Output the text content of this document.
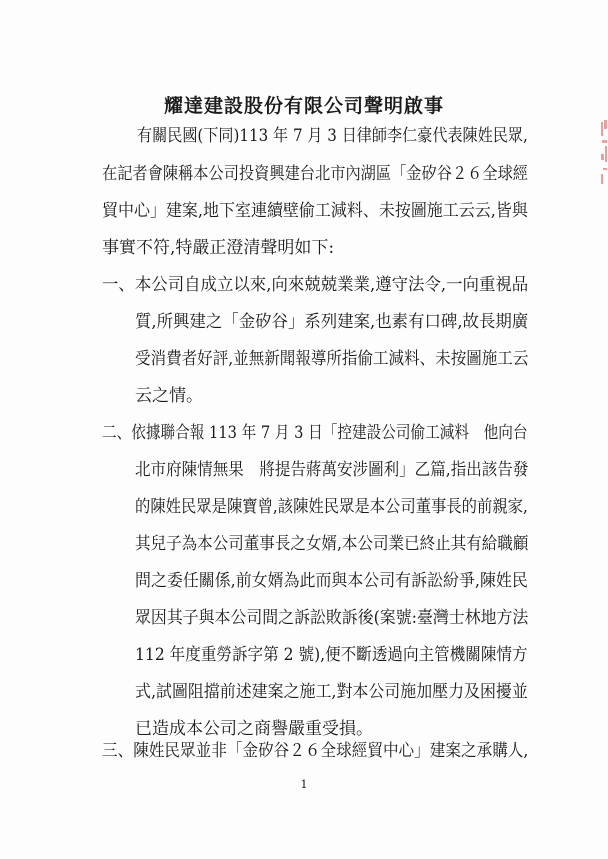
耀達建設股份有限公司聲明啟事
有關民國(下同)113 年 7 月 3 日律師李仁豪代表陳姓民眾,
在記者會陳稱本公司投資興建台北市內湖區「金矽谷２６全球經
貿中心」建案,地下室連續壁偷工減料、未按圖施工云云,皆與
事實不符,特嚴正澄清聲明如下:
一、本公司自成立以來,向來兢兢業業,遵守法令,一向重視品
質,所興建之「金矽谷」系列建案,也素有口碑,故長期廣
受消費者好評,並無新聞報導所指偷工減料、未按圖施工云
云之情。
二、依據聯合報 113 年 7 月 3 日「控建設公司偷工減料　他向台
北市府陳情無果　將提告蔣萬安涉圖利」乙篇,指出該告發
的陳姓民眾是陳寶曾,該陳姓民眾是本公司董事長的前親家,
其兒子為本公司董事長之女婿,本公司業已終止其有給職顧
問之委任關係,前女婿為此而與本公司有訴訟紛爭,陳姓民
眾因其子與本公司間之訴訟敗訴後(案號:臺灣士林地方法
112 年度重勞訴字第 2 號),便不斷透過向主管機關陳情方
式,試圖阻擋前述建案之施工,對本公司施加壓力及困擾並
已造成本公司之商譽嚴重受損。
三、陳姓民眾並非「金矽谷２６全球經貿中心」建案之承購人,
1
